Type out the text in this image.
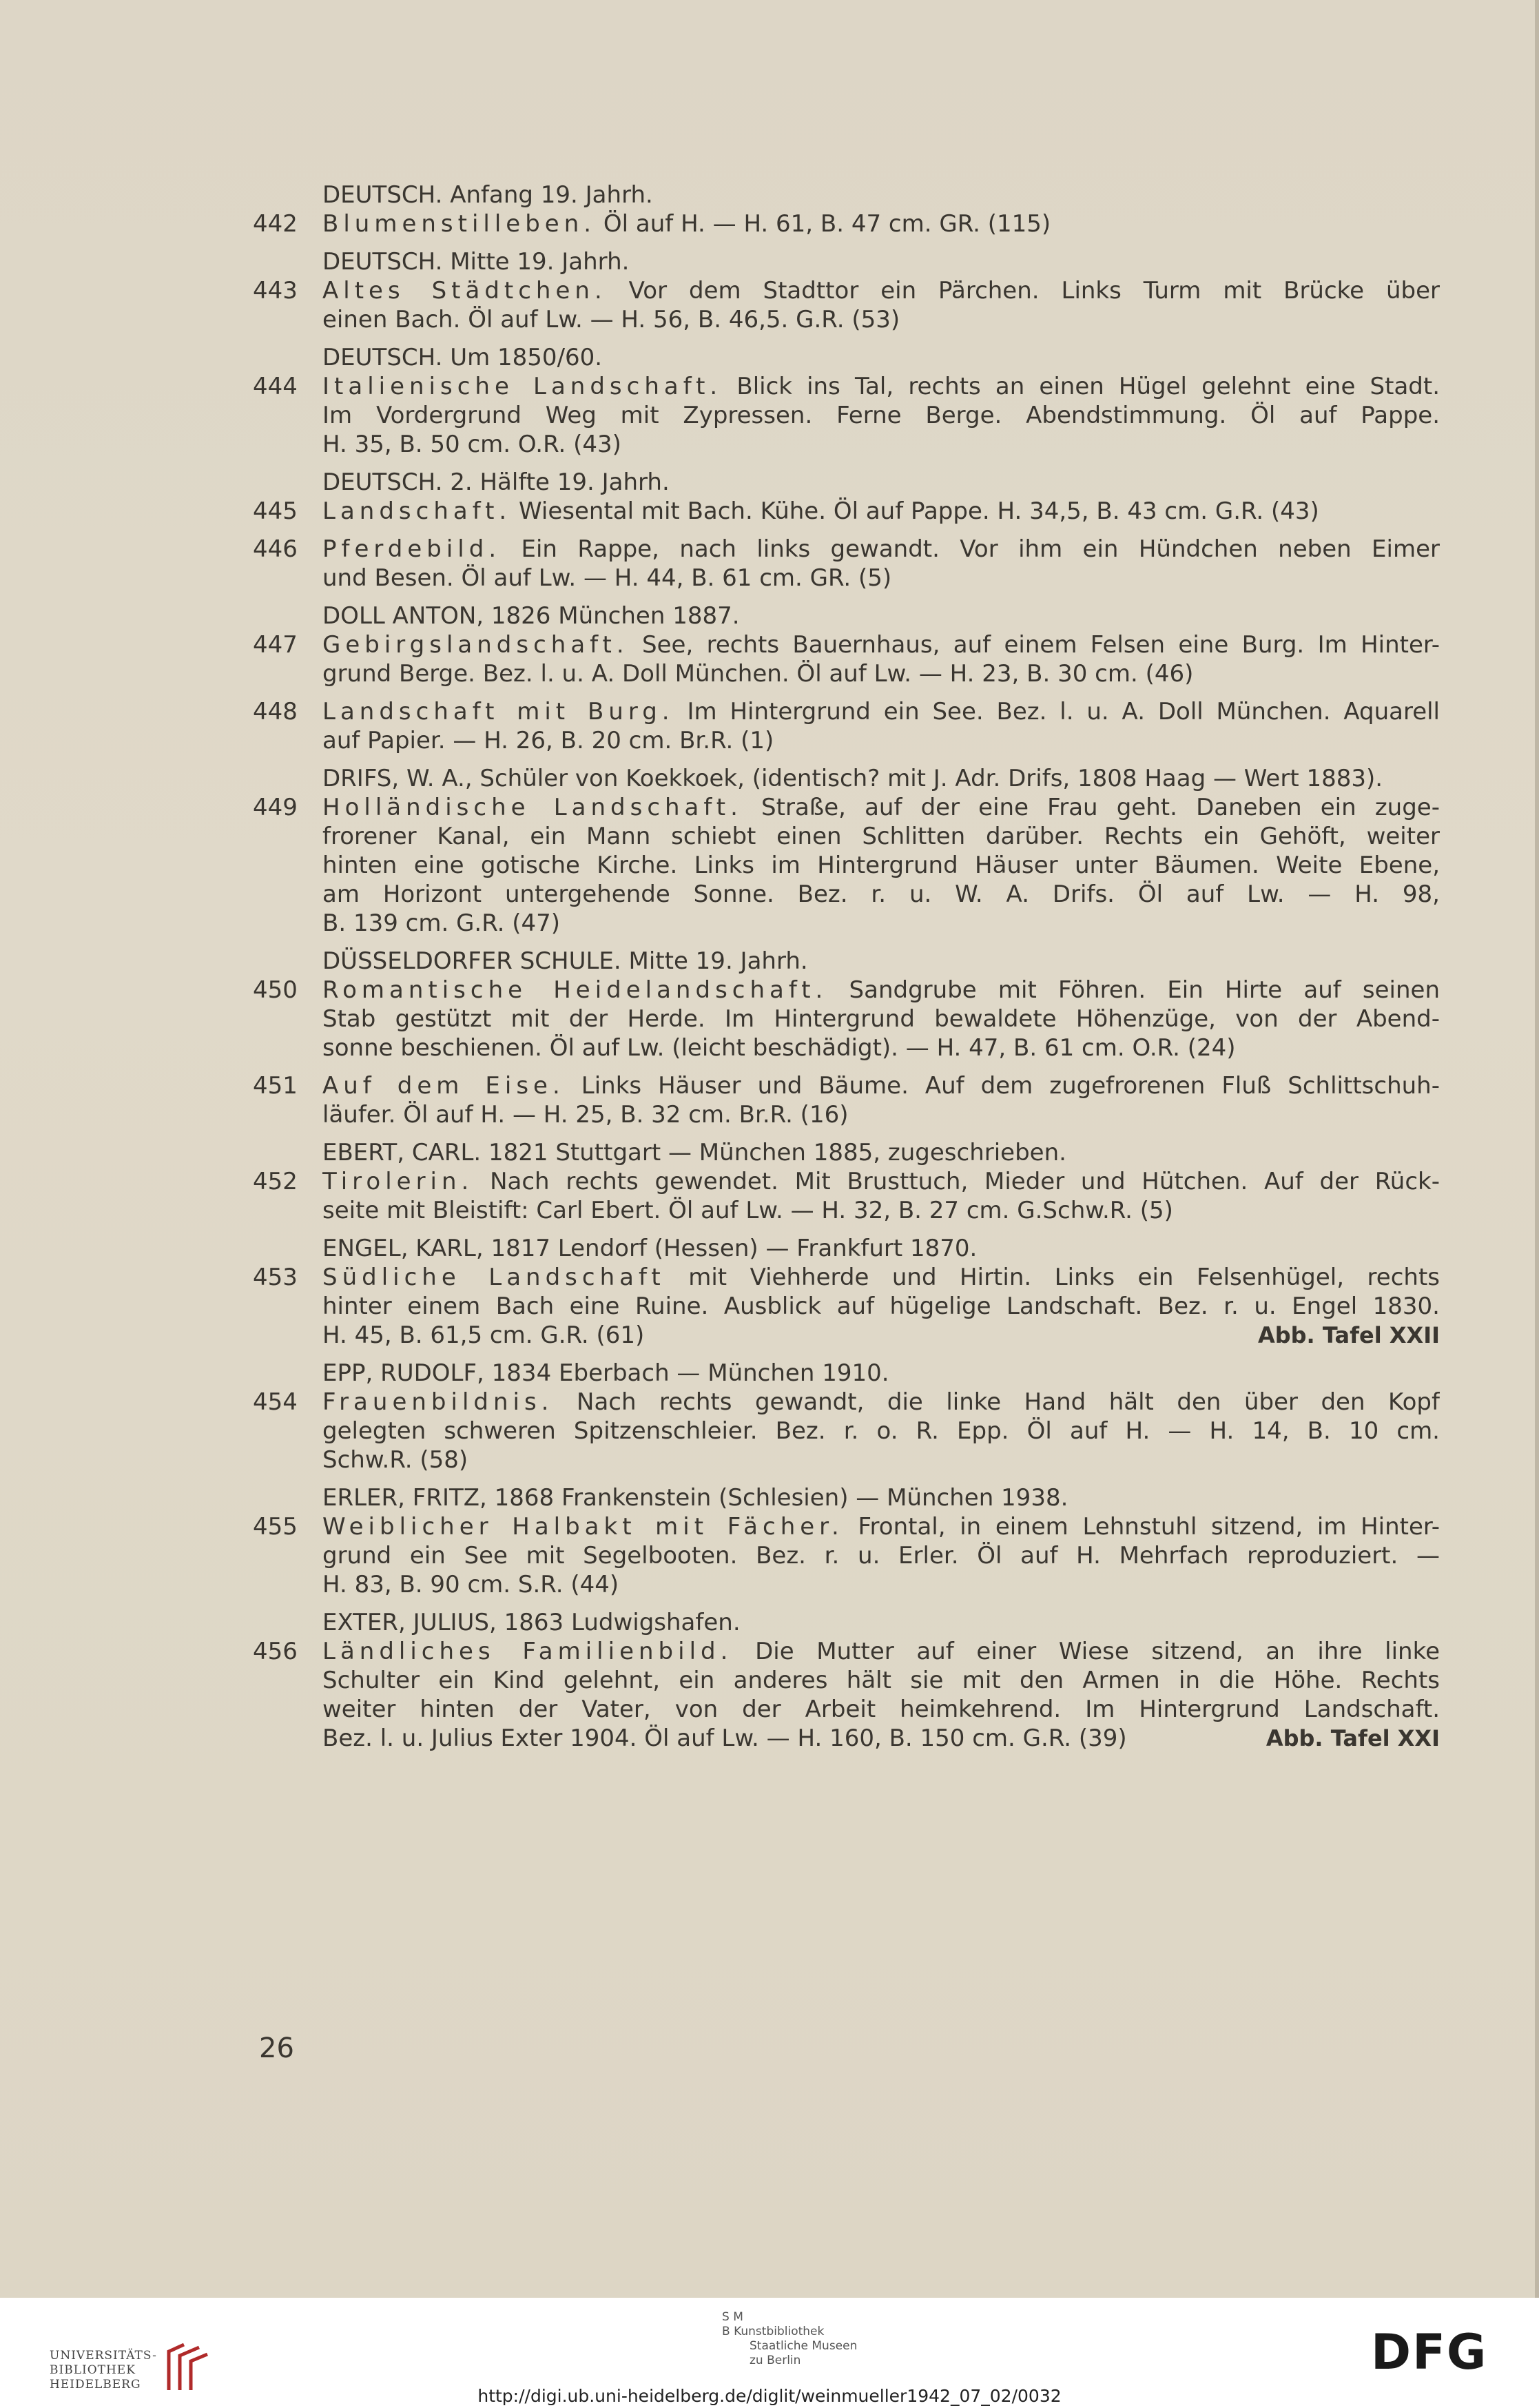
DEUTSCH. Anfang 19. Jahrh.
442	Blumenstilleben. Öl auf H. — H. 61, B. 47 cm. GR. (115)
DEUTSCH. Mitte 19. Jahrh.
443	Altes Städtchen. Vor dem Stadttor ein Pärchen. Links Turm mit Brücke über
einen Bach. Öl auf Lw. — H. 56, B. 46,5. G.R. (53)
DEUTSCH. Um 1850/60.
444	Italienische Landschaft. Blick ins Tal, rechts an einen Hügel gelehnt eine Stadt.
Im Vordergrund Weg mit Zypressen. Ferne Berge. Abendstimmung. Öl auf Pappe.
H. 35, B. 50 cm. O.R. (43)
DEUTSCH. 2. Hälfte 19. Jahrh.
445	Landschaft. Wiesental mit Bach. Kühe. Öl auf Pappe. H. 34,5, B. 43 cm. G.R. (43)
446	Pferdebild. Ein Rappe, nach links gewandt. Vor ihm ein Hündchen neben Eimer
und Besen. Öl auf Lw. — H. 44, B. 61 cm. GR. (5)
DOLL ANTON, 1826 München 1887.
447	Gebirgslandschaft. See, rechts Bauernhaus, auf einem Felsen eine Burg. Im Hinter-
grund Berge. Bez. l. u. A. Doll München. Öl auf Lw. — H. 23, B. 30 cm. (46)
448	Landschaft mit Burg. Im Hintergrund ein See. Bez. l. u. A. Doll München. Aquarell
auf Papier. — H. 26, B. 20 cm. Br.R. (1)
DRIFS, W. A., Schüler von Koekkoek, (identisch? mit J. Adr. Drifs, 1808 Haag — Wert 1883).
449	Holländische Landschaft. Straße, auf der eine Frau geht. Daneben ein zuge-
frorener Kanal, ein Mann schiebt einen Schlitten darüber. Rechts ein Gehöft, weiter
hinten eine gotische Kirche. Links im Hintergrund Häuser unter Bäumen. Weite Ebene,
am Horizont untergehende Sonne. Bez. r. u. W. A. Drifs. Öl auf Lw. — H. 98,
B. 139 cm. G.R. (47)
DÜSSELDORFER SCHULE. Mitte 19. Jahrh.
450	Romantische Heidelandschaft. Sandgrube mit Föhren. Ein Hirte auf seinen
Stab gestützt mit der Herde. Im Hintergrund bewaldete Höhenzüge, von der Abend-
sonne beschienen. Öl auf Lw. (leicht beschädigt). — H. 47, B. 61 cm. O.R. (24)
451	Auf dem Eise. Links Häuser und Bäume. Auf dem zugefrorenen Fluß Schlittschuh-
läufer. Öl auf H. — H. 25, B. 32 cm. Br.R. (16)
EBERT, CARL. 1821 Stuttgart — München 1885, zugeschrieben.
452	Tirolerin. Nach rechts gewendet. Mit Brusttuch, Mieder und Hütchen. Auf der Rück-
seite mit Bleistift: Carl Ebert. Öl auf Lw. — H. 32, B. 27 cm. G.Schw.R. (5)
ENGEL, KARL, 1817 Lendorf (Hessen) — Frankfurt 1870.
453	Südliche Landschaft mit Viehherde und Hirtin. Links ein Felsenhügel, rechts
hinter einem Bach eine Ruine. Ausblick auf hügelige Landschaft. Bez. r. u. Engel 1830.
H. 45, B. 61,5 cm. G.R. (61)	Abb. Tafel XXII
EPP, RUDOLF, 1834 Eberbach — München 1910.
454	Frauenbildnis. Nach rechts gewandt, die linke Hand hält den über den Kopf
gelegten schweren Spitzenschleier. Bez. r. o. R. Epp. Öl auf H. — H. 14, B. 10 cm.
Schw.R. (58)
ERLER, FRITZ, 1868 Frankenstein (Schlesien) — München 1938.
455	Weiblicher Halbakt mit Fächer. Frontal, in einem Lehnstuhl sitzend, im Hinter-
grund ein See mit Segelbooten. Bez. r. u. Erler. Öl auf H. Mehrfach reproduziert. —
H. 83, B. 90 cm. S.R. (44)
EXTER, JULIUS, 1863 Ludwigshafen.
456	Ländliches Familienbild. Die Mutter auf einer Wiese sitzend, an ihre linke
Schulter ein Kind gelehnt, ein anderes hält sie mit den Armen in die Höhe. Rechts
weiter hinten der Vater, von der Arbeit heimkehrend. Im Hintergrund Landschaft.
Bez. l. u. Julius Exter 1904. Öl auf Lw. — H. 160, B. 150 cm. G.R. (39)	Abb. Tafel XXI
26
UNIVERSITÄTS-
BIBLIOTHEK
HEIDELBERG
S M
B Kunstbibliothek
Staatliche Museen
zu Berlin	DFG
http://digi.ub.uni-heidelberg.de/diglit/weinmueller1942_07_02/0032
